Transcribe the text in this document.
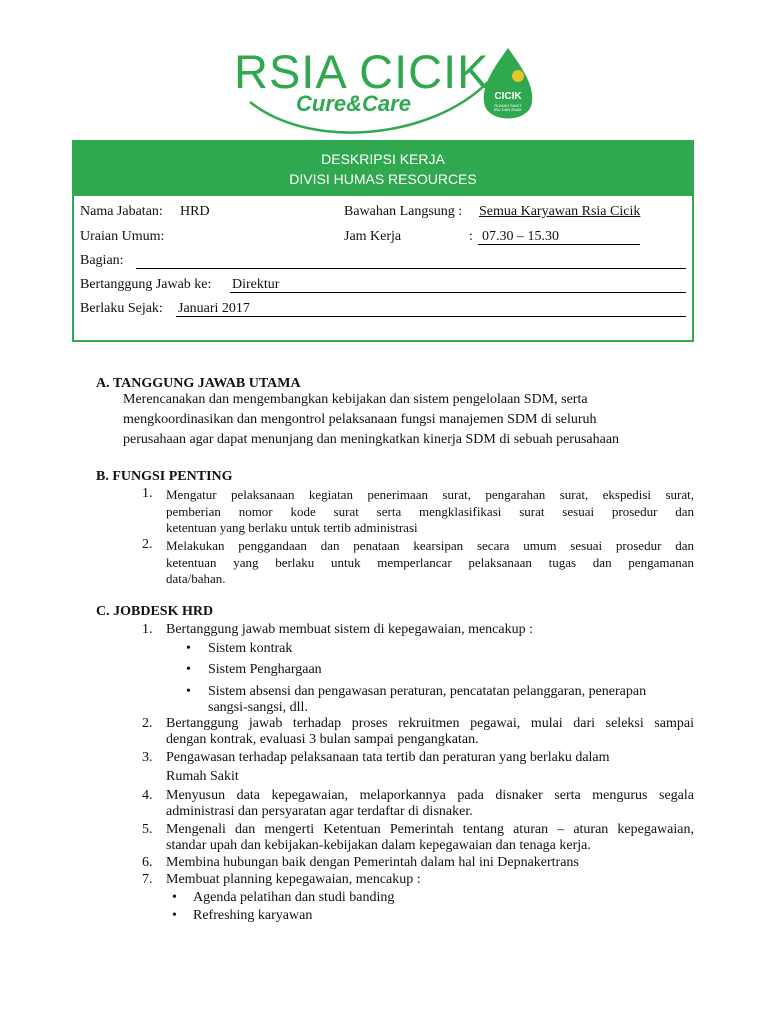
RSIA CICIK
Cure&Care	CICIK
RUMAH SAKIT
IBU DAN ANAK
DESKRIPSI KERJA
DIVISI HUMAS RESOURCES
Nama Jabatan: HRD	Bawahan Langsung : Semua Karyawan Rsia Cicik
Uraian Umum:	Jam Kerja	: 07.30 – 15.30
Bagian:
Bertanggung Jawab ke: Direktur
Berlaku Sejak: Januari 2017
A. TANGGUNG JAWAB UTAMA
Merencanakan dan mengembangkan kebijakan dan sistem pengelolaan SDM, serta
mengkoordinasikan dan mengontrol pelaksanaan fungsi manajemen SDM di seluruh
perusahaan agar dapat menunjang dan meningkatkan kinerja SDM di sebuah perusahaan
B. FUNGSI PENTING
1. Mengatur pelaksanaan kegiatan penerimaan surat, pengarahan surat, ekspedisi surat,
pemberian nomor kode surat serta mengklasifikasi surat sesuai prosedur dan
ketentuan yang berlaku untuk tertib administrasi
2. Melakukan penggandaan dan penataan kearsipan secara umum sesuai prosedur dan
ketentuan yang berlaku untuk memperlancar pelaksanaan tugas dan pengamanan
data/bahan.
C. JOBDESK HRD
1. Bertanggung jawab membuat sistem di kepegawaian, mencakup :
• Sistem kontrak
• Sistem Penghargaan
• Sistem absensi dan pengawasan peraturan, pencatatan pelanggaran, penerapan
sangsi-sangsi, dll.
2. Bertanggung jawab terhadap proses rekruitmen pegawai, mulai dari seleksi sampai
dengan kontrak, evaluasi 3 bulan sampai pengangkatan.
3. Pengawasan terhadap pelaksanaan tata tertib dan peraturan yang berlaku dalam
Rumah Sakit
4. Menyusun data kepegawaian, melaporkannya pada disnaker serta mengurus segala
administrasi dan persyaratan agar terdaftar di disnaker.
5. Mengenali dan mengerti Ketentuan Pemerintah tentang aturan – aturan kepegawaian,
standar upah dan kebijakan-kebijakan dalam kepegawaian dan tenaga kerja.
6. Membina hubungan baik dengan Pemerintah dalam hal ini Depnakertrans
7. Membuat planning kepegawaian, mencakup :
• Agenda pelatihan dan studi banding
• Refreshing karyawan
